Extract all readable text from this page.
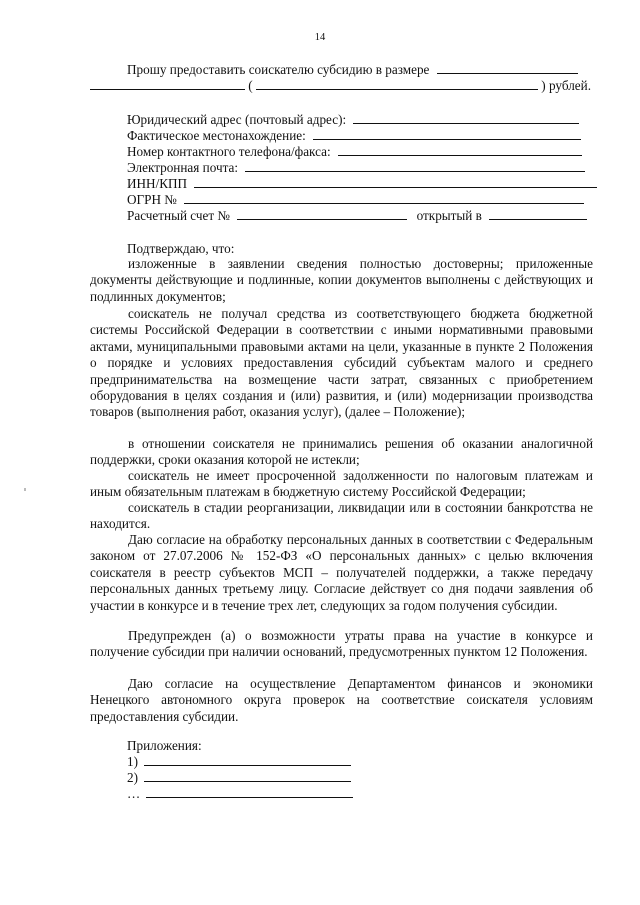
14
Прошу предоставить соискателю субсидию в размере
(	) рублей.
Юридический адрес (почтовый адрес):
Фактическое местонахождение:
Номер контактного телефона/факса:
Электронная почта:
ИНН/КПП
ОГРН №
Расчетный счет №	открытый в
Подтверждаю, что:
изложенные в заявлении сведения полностью достоверны; приложенные документы действующие и подлинные, копии документов выполнены с действующих и подлинных документов;
соискатель не получал средства из соответствующего бюджета бюджетной системы Российской Федерации в соответствии с иными нормативными правовыми актами, муниципальными правовыми актами на цели, указанные в пункте 2 Положения о порядке и условиях предоставления субсидий субъектам малого и среднего предпринимательства на возмещение части затрат, связанных с приобретением оборудования в целях создания и (или) развития, и (или) модернизации производства товаров (выполнения работ, оказания услуг), (далее – Положение);
в отношении соискателя не принимались решения об оказании аналогичной поддержки, сроки оказания которой не истекли;
соискатель не имеет просроченной задолженности по налоговым платежам и иным обязательным платежам в бюджетную систему Российской Федерации;
соискатель в стадии реорганизации, ликвидации или в состоянии банкротства не находится.
Даю согласие на обработку персональных данных в соответствии с Федеральным законом от 27.07.2006 № 152-ФЗ «О персональных данных» с целью включения соискателя в реестр субъектов МСП – получателей поддержки, а также передачу персональных данных третьему лицу. Согласие действует со дня подачи заявления об участии в конкурсе и в течение трех лет, следующих за годом получения субсидии.
Предупрежден (а) о возможности утраты права на участие в конкурсе и получение субсидии при наличии оснований, предусмотренных пунктом 12 Положения.
Даю согласие на осуществление Департаментом финансов и экономики Ненецкого автономного округа проверок на соответствие соискателя условиям предоставления субсидии.
Приложения:
1)
2)
…
